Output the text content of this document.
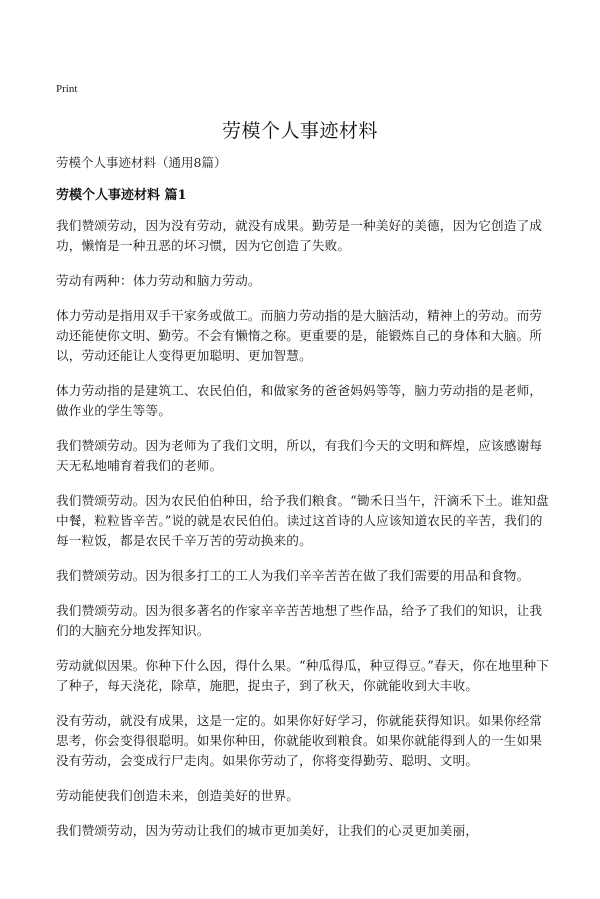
Print
劳模个人事迹材料

劳模个人事迹材料（通用8篇）

劳模个人事迹材料 篇1

我们赞颂劳动，因为没有劳动，就没有成果。勤劳是一种美好的美德，因为它创造了成功，懒惰是一种丑恶的坏习惯，因为它创造了失败。

劳动有两种：体力劳动和脑力劳动。

体力劳动是指用双手干家务或做工。而脑力劳动指的是大脑活动，精神上的劳动。而劳动还能使你文明、勤劳。不会有懒惰之称。更重要的是，能锻炼自己的身体和大脑。所以，劳动还能让人变得更加聪明、更加智慧。

体力劳动指的是建筑工、农民伯伯，和做家务的爸爸妈妈等等，脑力劳动指的是老师，做作业的学生等等。

我们赞颂劳动。因为老师为了我们文明，所以，有我们今天的文明和辉煌，应该感谢每天无私地哺育着我们的老师。

我们赞颂劳动。因为农民伯伯种田，给予我们粮食。“锄禾日当午，汗滴禾下土。谁知盘中餐，粒粒皆辛苦。”说的就是农民伯伯。读过这首诗的人应该知道农民的辛苦，我们的每一粒饭，都是农民千辛万苦的劳动换来的。

我们赞颂劳动。因为很多打工的工人为我们辛辛苦苦在做了我们需要的用品和食物。

我们赞颂劳动。因为很多著名的作家辛辛苦苦地想了些作品，给予了我们的知识，让我们的大脑充分地发挥知识。

劳动就似因果。你种下什么因，得什么果。“种瓜得瓜，种豆得豆。”春天，你在地里种下了种子，每天浇花，除草，施肥，捉虫子，到了秋天，你就能收到大丰收。

没有劳动，就没有成果，这是一定的。如果你好好学习，你就能获得知识。如果你经常思考，你会变得很聪明。如果你种田，你就能收到粮食。如果你就能得到人的一生如果没有劳动，会变成行尸走肉。如果你劳动了，你将变得勤劳、聪明、文明。

劳动能使我们创造未来，创造美好的世界。

我们赞颂劳动，因为劳动让我们的城市更加美好，让我们的心灵更加美丽，
